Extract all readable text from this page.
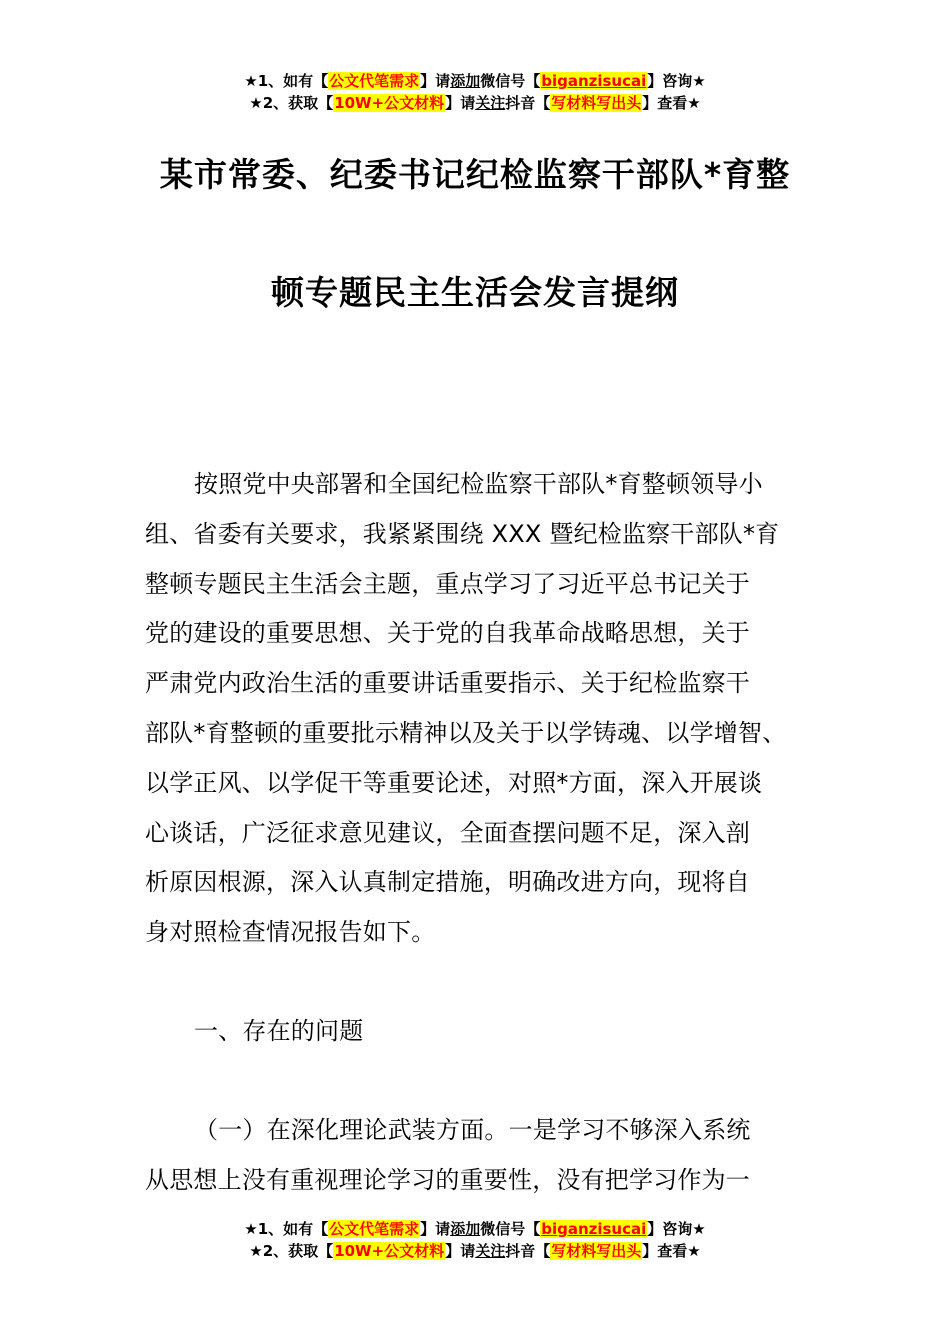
★1、如有【公文代笔需求】请添加微信号【biganzisucai】咨询★
★2、获取【10W+公文材料】请关注抖音【写材料写出头】查看★
某市常委、纪委书记纪检监察干部队*育整
顿专题民主生活会发言提纲
按照党中央部署和全国纪检监察干部队*育整顿领导小
组、省委有关要求，我紧紧围绕 XXX 暨纪检监察干部队*育
整顿专题民主生活会主题，重点学习了习近平总书记关于
党的建设的重要思想、关于党的自我革命战略思想，关于
严肃党内政治生活的重要讲话重要指示、关于纪检监察干
部队*育整顿的重要批示精神以及关于以学铸魂、以学增智、
以学正风、以学促干等重要论述，对照*方面，深入开展谈
心谈话，广泛征求意见建议，全面查摆问题不足，深入剖
析原因根源，深入认真制定措施，明确改进方向，现将自
身对照检查情况报告如下。
一、存在的问题
（一）在深化理论武装方面。一是学习不够深入系统
从思想上没有重视理论学习的重要性，没有把学习作为一
★1、如有【公文代笔需求】请添加微信号【biganzisucai】咨询★
★2、获取【10W+公文材料】请关注抖音【写材料写出头】查看★
